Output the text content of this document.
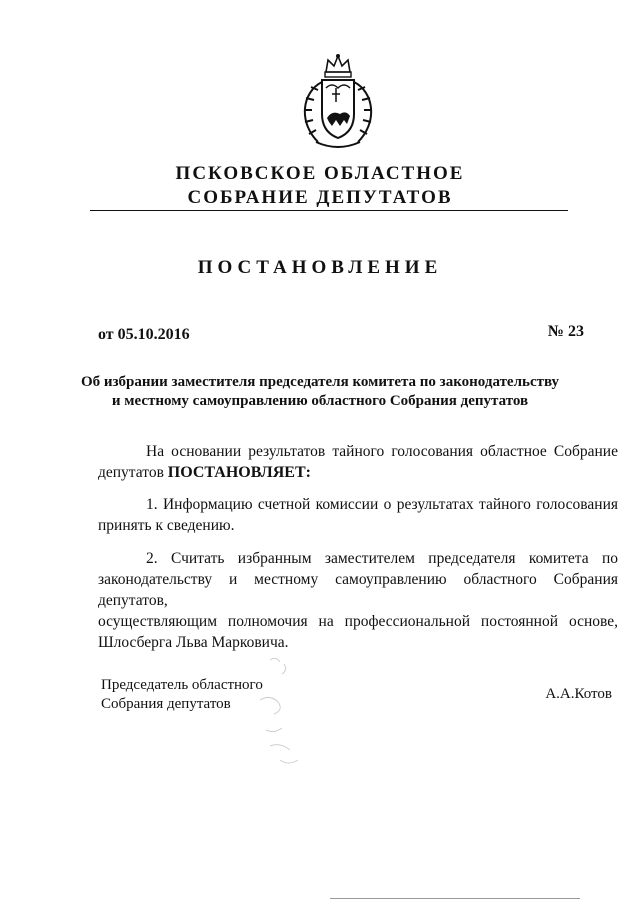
ПСКОВСКОЕ ОБЛАСТНОЕ
СОБРАНИЕ ДЕПУТАТОВ
ПОСТАНОВЛЕНИЕ
от 05.10.2016	№ 23
Об избрании заместителя председателя комитета по законодательству
и местному самоуправлению областного Собрания депутатов
На основании результатов тайного голосования областное Собрание
депутатов ПОСТАНОВЛЯЕТ:
1. Информацию счетной комиссии о результатах тайного голосования
принять к сведению.
2. Считать избранным заместителем председателя комитета по
законодательству и местному самоуправлению областного Собрания депутатов,
осуществляющим полномочия на профессиональной постоянной основе,
Шлосберга Льва Марковича.
Председатель областного
Собрания депутатов
А.А.Котов
